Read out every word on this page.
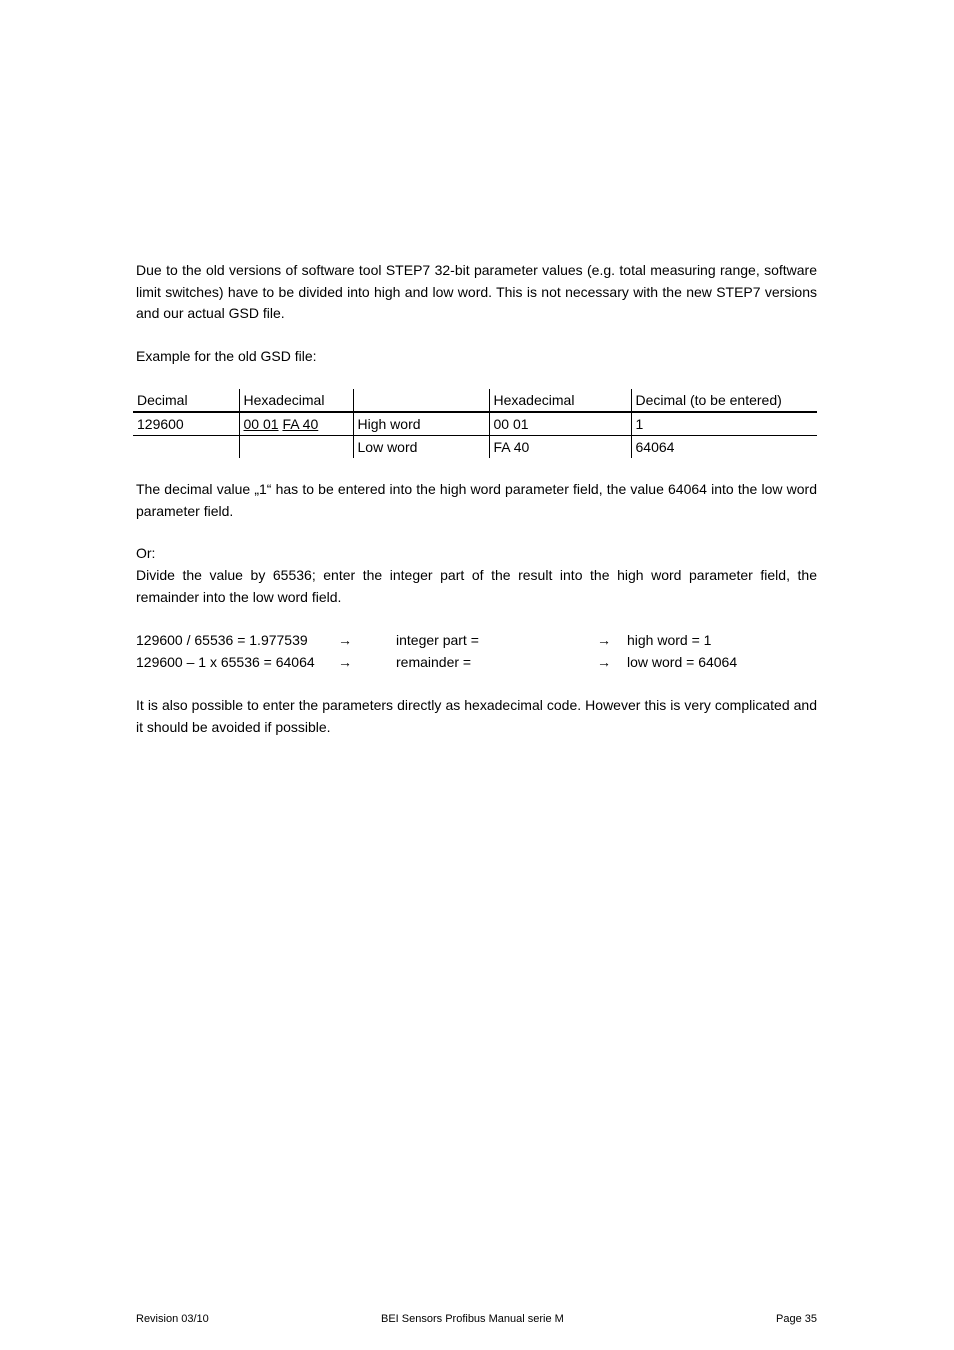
Due to the old versions of software tool STEP7 32-bit parameter values (e.g. total measuring range, software limit switches) have to be divided into high and low word. This is not necessary with the new STEP7 versions and our actual GSD file.

Example for the old GSD file:

Decimal	Hexadecimal		Hexadecimal	Decimal (to be entered)
129600	00 01 FA 40	High word	00 01	1
		Low word	FA 40	64064

The decimal value „1“ has to be entered into the high word parameter field, the value 64064 into the low word parameter field.

Or:

Divide the value by 65536; enter the integer part of the result into the high word parameter field, the remainder into the low word field.

129600 / 65536 = 1.977539 →	integer part =	→ high word = 1
129600 – 1 x 65536 = 64064 →	remainder =	→ low word = 64064

It is also possible to enter the parameters directly as hexadecimal code. However this is very complicated and it should be avoided if possible.

Revision 03/10	BEI Sensors Profibus Manual serie M	Page 35
